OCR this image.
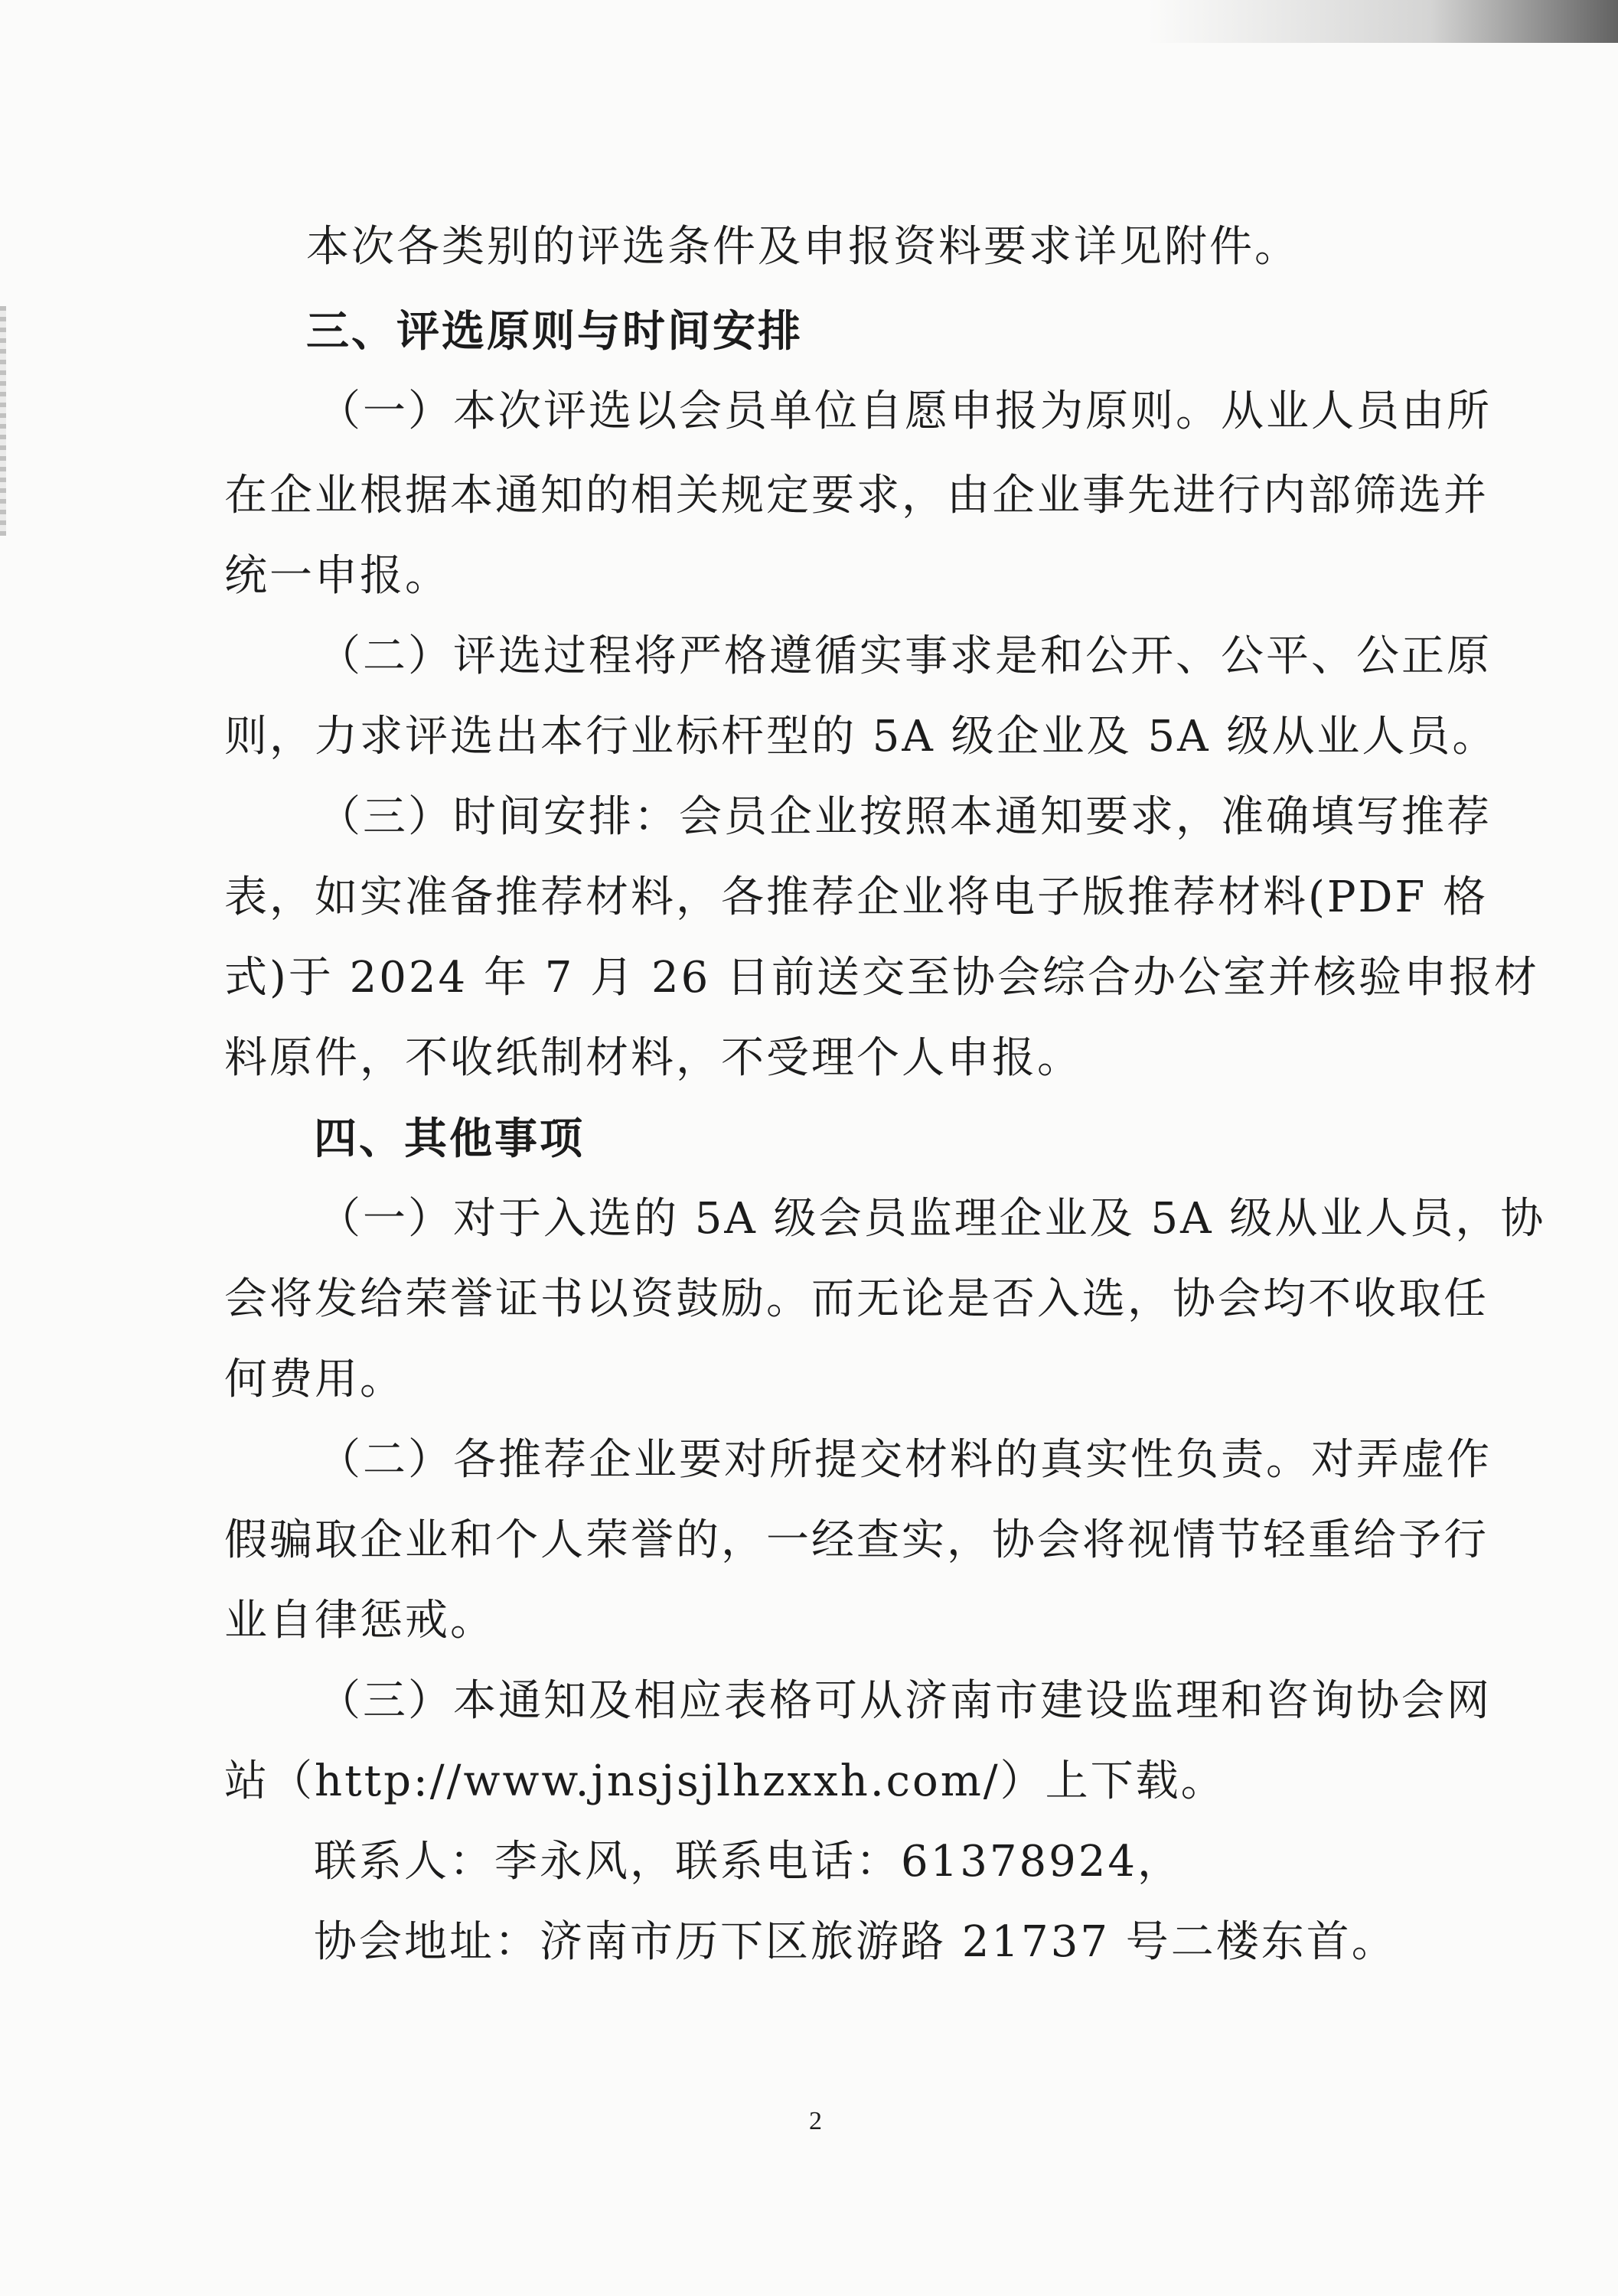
本次各类别的评选条件及申报资料要求详见附件。
三、评选原则与时间安排
（一）本次评选以会员单位自愿申报为原则。从业人员由所
在企业根据本通知的相关规定要求，由企业事先进行内部筛选并
统一申报。
（二）评选过程将严格遵循实事求是和公开、公平、公正原
则，力求评选出本行业标杆型的 5A 级企业及 5A 级从业人员。
（三）时间安排：会员企业按照本通知要求，准确填写推荐
表，如实准备推荐材料，各推荐企业将电子版推荐材料(PDF 格
式)于 2024 年 7 月 26 日前送交至协会综合办公室并核验申报材
料原件，不收纸制材料，不受理个人申报。
四、其他事项
（一）对于入选的 5A 级会员监理企业及 5A 级从业人员，协
会将发给荣誉证书以资鼓励。而无论是否入选，协会均不收取任
何费用。
（二）各推荐企业要对所提交材料的真实性负责。对弄虚作
假骗取企业和个人荣誉的，一经查实，协会将视情节轻重给予行
业自律惩戒。
（三）本通知及相应表格可从济南市建设监理和咨询协会网
站（http://www.jnsjsjlhzxxh.com/）上下载。
联系人：李永风，联系电话：61378924，
协会地址：济南市历下区旅游路 21737 号二楼东首。
2
